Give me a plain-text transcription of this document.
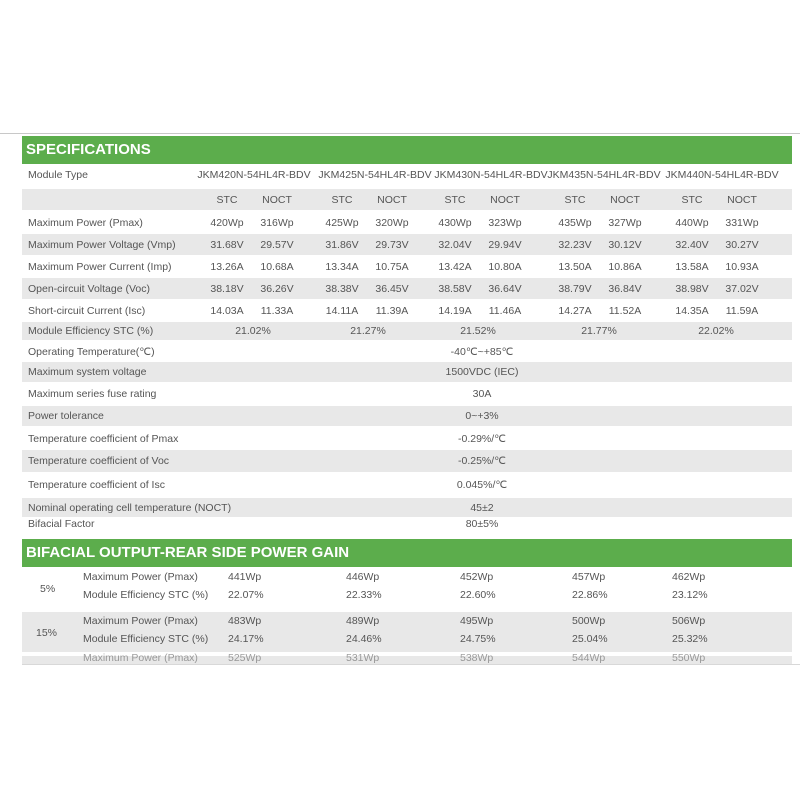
SPECIFICATIONS
Module Type	JKM420N-54HL4R-BDV JKM425N-54HL4R-BDV JKM430N-54HL4R-BDV JKM435N-54HL4R-BDV JKM440N-54HL4R-BDV
STC	NOCT	STC	NOCT	STC	NOCT	STC	NOCT	STC	NOCT
Maximum Power (Pmax)	420Wp	316Wp	425Wp	320Wp	430Wp	323Wp	435Wp	327Wp	440Wp	331Wp
Maximum Power Voltage (Vmp)	31.68V	29.57V	31.86V	29.73V	32.04V	29.94V	32.23V	30.12V	32.40V	30.27V
Maximum Power Current (Imp)	13.26A	10.68A	13.34A	10.75A	13.42A	10.80A	13.50A	10.86A	13.58A	10.93A
Open-circuit Voltage (Voc)	38.18V	36.26V	38.38V	36.45V	38.58V	36.64V	38.79V	36.84V	38.98V	37.02V
Short-circuit Current (Isc)	14.03A	11.33A	14.11A	11.39A	14.19A	11.46A	14.27A	11.52A	14.35A	11.59A
Module Efficiency STC (%)	21.02%	21.27%	21.52%	21.77%	22.02%
Operating Temperature(℃)	-40℃~+85℃
Maximum system voltage	1500VDC (IEC)
Maximum series fuse rating	30A
Power tolerance	0~+3%
Temperature coefficient of Pmax	-0.29%/℃
Temperature coefficient of Voc	-0.25%/℃
Temperature coefficient of Isc	0.045%/℃
Nominal operating cell temperature (NOCT)	45±2
Bifacial Factor	80±5%
BIFACIAL OUTPUT-REAR SIDE POWER GAIN
5%
Maximum Power (Pmax)	441Wp	446Wp	452Wp	457Wp	462Wp
Module Efficiency STC (%) 22.07%	22.33%	22.60%	22.86%	23.12%
15%
Maximum Power (Pmax)	483Wp	489Wp	495Wp	500Wp	506Wp
Module Efficiency STC (%) 24.17%	24.46%	24.75%	25.04%	25.32%
Maximum Power (Pmax)	525Wp	531Wp	538Wp	544Wp	550Wp
